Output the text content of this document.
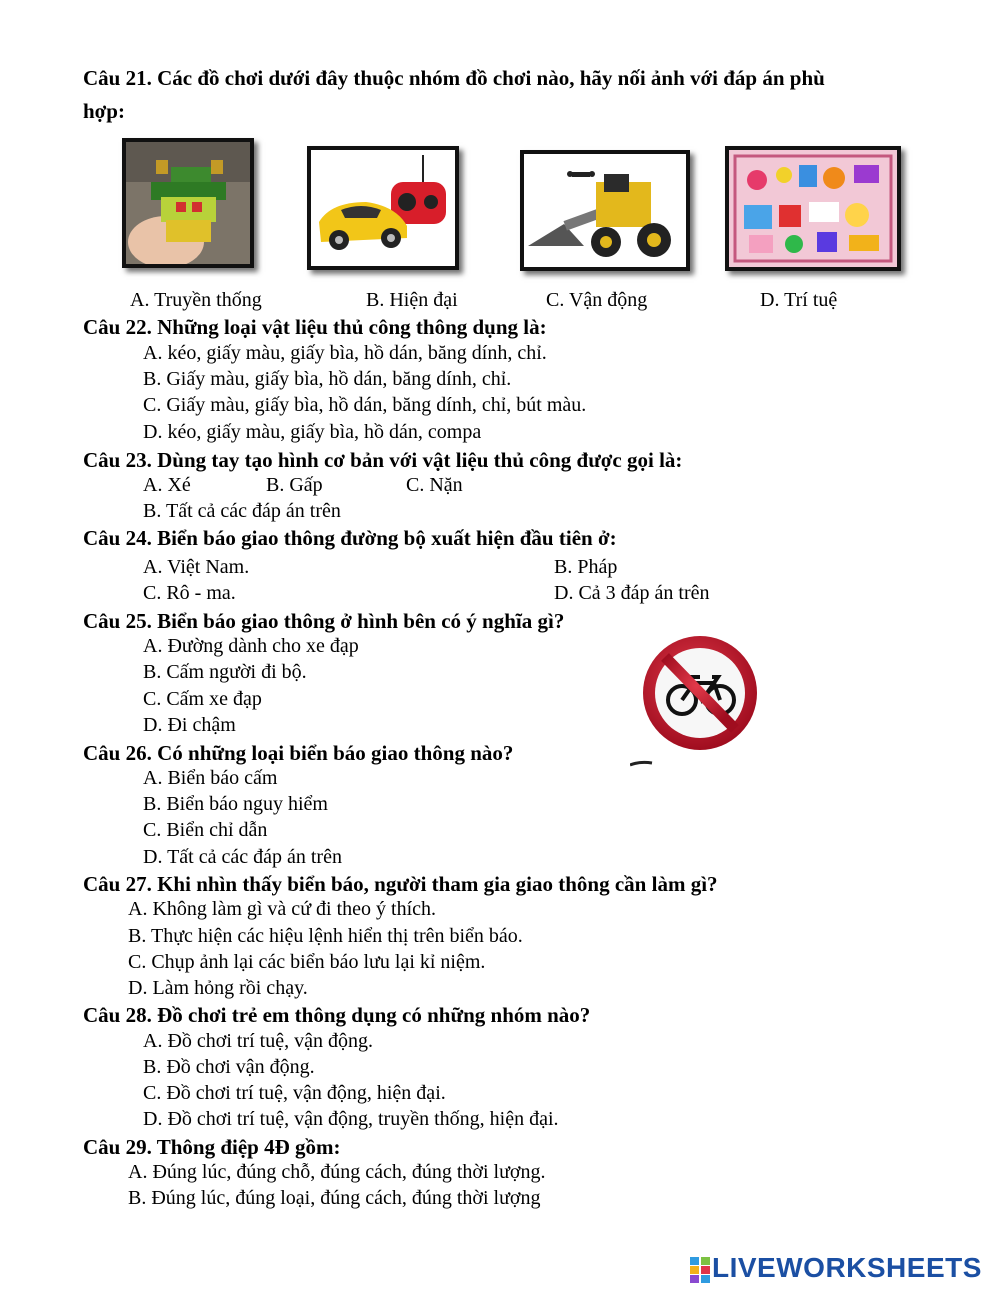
Câu 21. Các đồ chơi dưới đây thuộc nhóm đồ chơi nào, hãy nối ảnh với đáp án phù
hợp:
A. Truyền thống	B. Hiện đại	C. Vận động	D. Trí tuệ
Câu 22. Những loại vật liệu thủ công thông dụng là:
A. kéo, giấy màu, giấy bìa, hồ dán, băng dính, chỉ.
B. Giấy màu, giấy bìa, hồ dán, băng dính, chỉ.
C. Giấy màu, giấy bìa, hồ dán, băng dính, chỉ, bút màu.
D. kéo, giấy màu, giấy bìa, hồ dán, compa
Câu 23. Dùng tay tạo hình cơ bản với vật liệu thủ công được gọi là:
A. Xé	B. Gấp	C. Nặn
B. Tất cả các đáp án trên
Câu 24. Biển báo giao thông đường bộ xuất hiện đầu tiên ở:
A. Việt Nam.	B. Pháp
C. Rô - ma.	D. Cả 3 đáp án trên
Câu 25. Biển báo giao thông ở hình bên có ý nghĩa gì?
A. Đường dành cho xe đạp
B. Cấm người đi bộ.
C. Cấm xe đạp
D. Đi chậm
Câu 26. Có những loại biển báo giao thông nào?
A. Biển báo cấm
B. Biển báo nguy hiểm
C. Biển chỉ dẫn
D. Tất cả các đáp án trên
Câu 27. Khi nhìn thấy biển báo, người tham gia giao thông cần làm gì?
A. Không làm gì và cứ đi theo ý thích.
B. Thực hiện các hiệu lệnh hiển thị trên biển báo.
C. Chụp ảnh lại các biển báo lưu lại kỉ niệm.
D. Làm hỏng rồi chạy.
Câu 28. Đồ chơi trẻ em thông dụng có những nhóm nào?
A. Đồ chơi trí tuệ, vận động.
B. Đồ chơi vận động.
C. Đồ chơi trí tuệ, vận động, hiện đại.
D. Đồ chơi trí tuệ, vận động, truyền thống, hiện đại.
Câu 29. Thông điệp 4Đ gồm:
A. Đúng lúc, đúng chỗ, đúng cách, đúng thời lượng.
B. Đúng lúc, đúng loại, đúng cách, đúng thời lượng
LIVEWORKSHEETS
